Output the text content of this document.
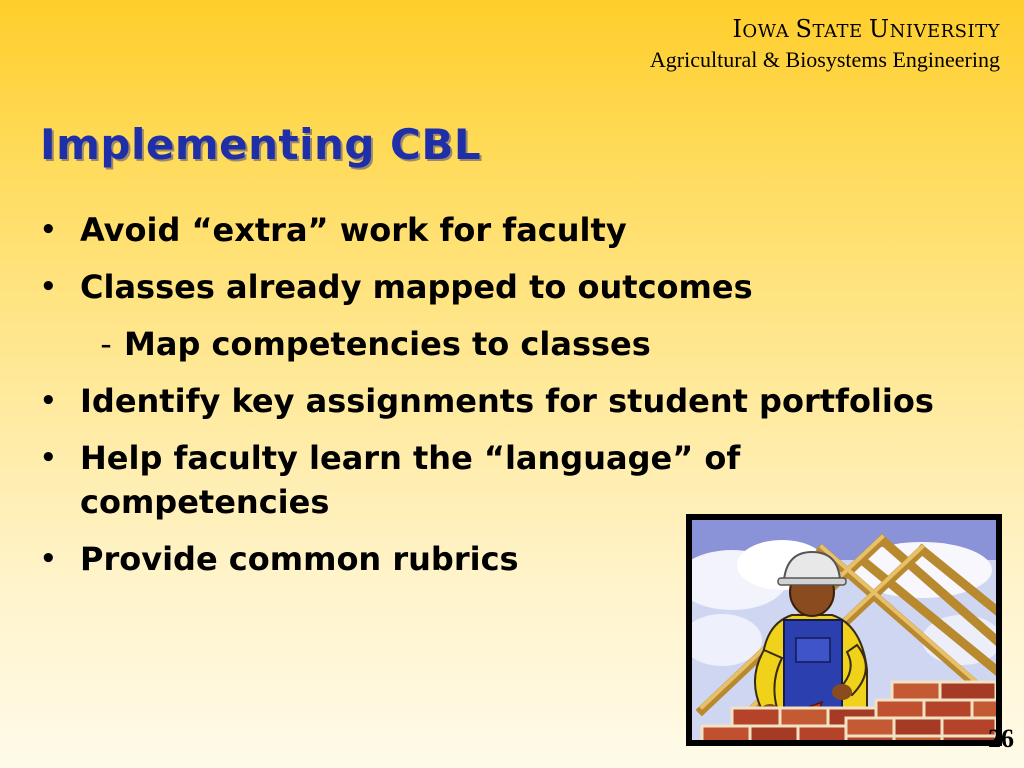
IOWA STATE UNIVERSITY
Agricultural & Biosystems Engineering
Implementing CBL
• Avoid “extra” work for faculty
• Classes already mapped to outcomes
- Map competencies to classes
• Identify key assignments for student portfolios
• Help faculty learn the “language” of competencies
• Provide common rubrics
26
